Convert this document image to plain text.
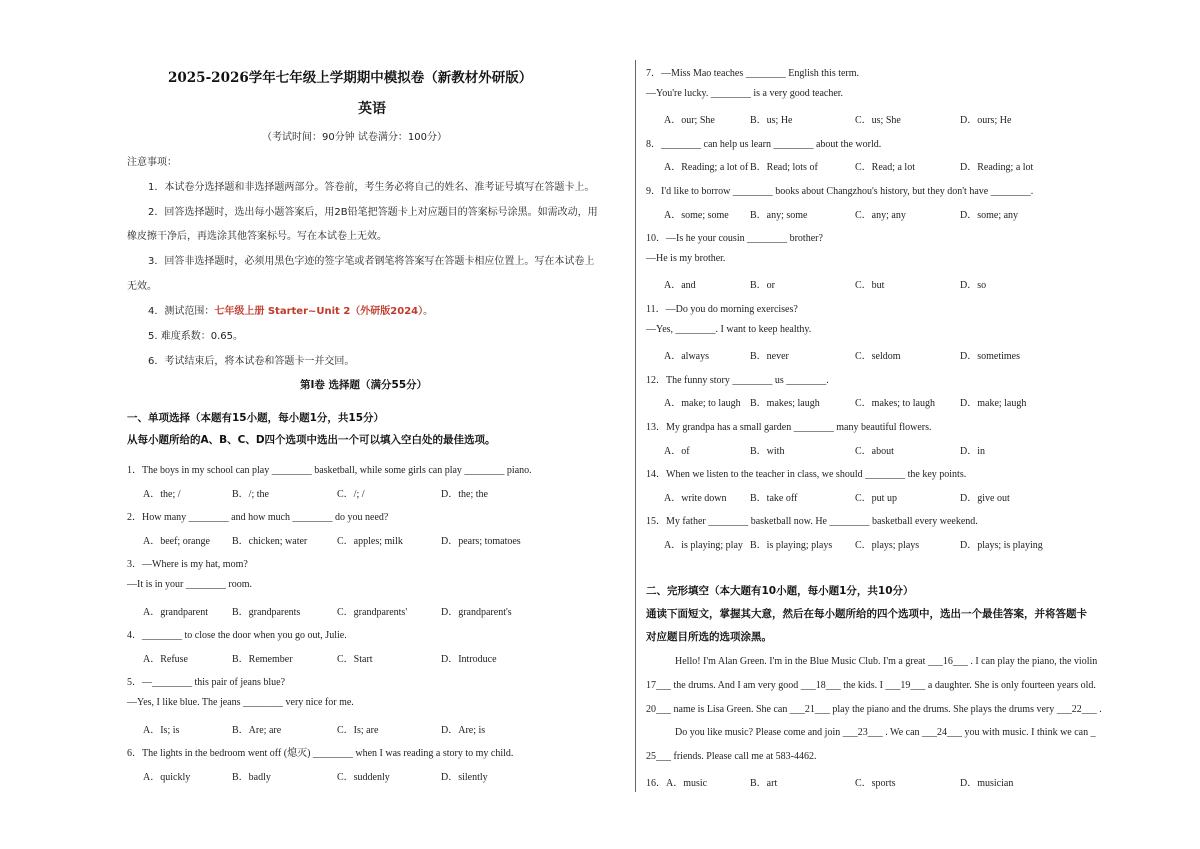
2025-2026学年七年级上学期期中模拟卷（新教材外研版）
英语
（考试时间：90分钟 试卷满分：100分）
注意事项：
1．本试卷分选择题和非选择题两部分。答卷前，考生务必将自己的姓名、准考证号填写在答题卡上。
2．回答选择题时，选出每小题答案后，用2B铅笔把答题卡上对应题目的答案标号涂黑。如需改动，用
橡皮擦干净后，再选涂其他答案标号。写在本试卷上无效。
3．回答非选择题时，必须用黑色字迹的签字笔或者钢笔将答案写在答题卡相应位置上。写在本试卷上
无效。
4．测试范围：七年级上册 Starter~Unit 2（外研版2024）。
5. 难度系数：0.65。
6．考试结束后，将本试卷和答题卡一并交回。
第Ⅰ卷 选择题（满分55分）
一、单项选择（本题有15小题，每小题1分，共15分）
从每小题所给的A、B、C、D四个选项中选出一个可以填入空白处的最佳选项。
1．The boys in my school can play ________ basketball, while some girls can play ________ piano.
A．the; /	B．/; the	C．/; /	D．the; the
2．How many ________ and how much ________ do you need?
A．beef; orange B．chicken; water	C．apples; milk	D．pears; tomatoes
3．—Where is my hat, mom?
—It is in your ________ room.
A．grandparent B．grandparents	C．grandparents'	D．grandparent's
4．________ to close the door when you go out, Julie.
A．Refuse	B．Remember	C．Start	D．Introduce
5．—________ this pair of jeans blue?
—Yes, I like blue. The jeans ________ very nice for me.
A．Is; is	B．Are; are	C．Is; are	D．Are; is
6．The lights in the bedroom went off (熄灭) ________ when I was reading a story to my child.
A．quickly	B．badly	C．suddenly	D．silently
7．—Miss Mao teaches ________ English this term.
—You're lucky. ________ is a very good teacher.
A．our; She	B．us; He	C．us; She	D．ours; He
8．________ can help us learn ________ about the world.
A．Reading; a lot of B．Read; lots of	C．Read; a lot	D．Reading; a lot
9．I'd like to borrow ________ books about Changzhou's history, but they don't have ________.
A．some; some B．any; some	C．any; any	D．some; any
10．—Is he your cousin ________ brother?
—He is my brother.
A．and	B．or	C．but	D．so
11．—Do you do morning exercises?
—Yes, ________. I want to keep healthy.
A．always	B．never	C．seldom	D．sometimes
12．The funny story ________ us ________.
A．make; to laugh B．makes; laugh	C．makes; to laugh	D．make; laugh
13．My grandpa has a small garden ________ many beautiful flowers.
A．of	B．with	C．about	D．in
14．When we listen to the teacher in class, we should ________ the key points.
A．write down B．take off	C．put up	D．give out
15．My father ________ basketball now. He ________ basketball every weekend.
A．is playing; play B．is playing; plays C．plays; plays	D．plays; is playing
二、完形填空（本大题有10小题，每小题1分，共10分）
通读下面短文，掌握其大意，然后在每小题所给的四个选项中，选出一个最佳答案，并将答题卡
对应题目所选的选项涂黑。
Hello! I'm Alan Green. I'm in the Blue Music Club. I'm a great ___16___ . I can play the piano, the violin
17___ the drums. And I am very good ___18___ the kids. I ___19___ a daughter. She is only fourteen years old.
20___ name is Lisa Green. She can ___21___ play the piano and the drums. She plays the drums very ___22___ .
Do you like music? Please come and join ___23___ . We can ___24___ you with music. I think we can _
25___ friends. Please call me at 583-4462.
16．A．music	B．art	C．sports	D．musician
